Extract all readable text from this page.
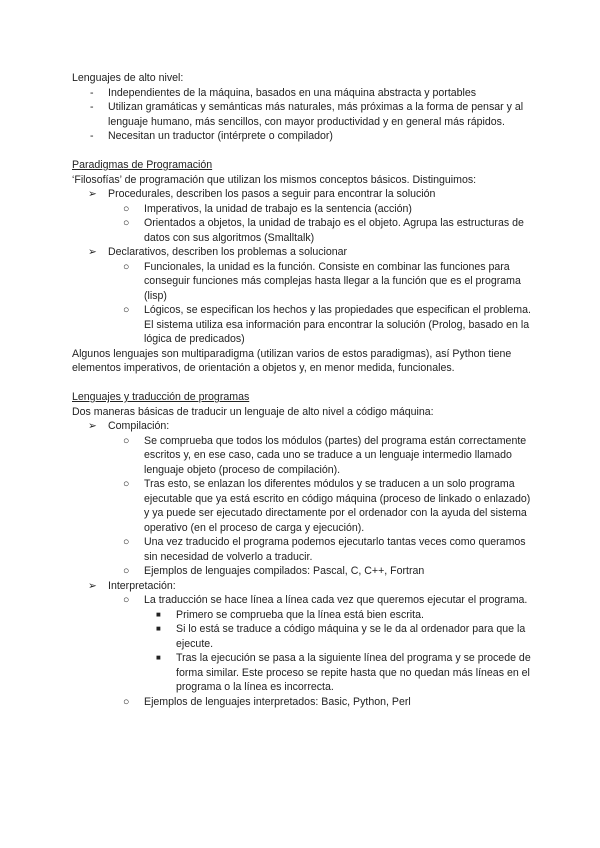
Lenguajes de alto nivel:

- Independientes de la máquina, basados en una máquina abstracta y portables
- Utilizan gramáticas y semánticas más naturales, más próximas a la forma de pensar y al lenguaje humano, más sencillos, con mayor productividad y en general más rápidos.
- Necesitan un traductor (intérprete o compilador)

Paradigmas de Programación

‘Filosofías’ de programación que utilizan los mismos conceptos básicos. Distinguimos:

➢ Procedurales, describen los pasos a seguir para encontrar la solución
○ Imperativos, la unidad de trabajo es la sentencia (acción)
○ Orientados a objetos, la unidad de trabajo es el objeto. Agrupa las estructuras de datos con sus algoritmos (Smalltalk)
➢ Declarativos, describen los problemas a solucionar
○ Funcionales, la unidad es la función. Consiste en combinar las funciones para conseguir funciones más complejas hasta llegar a la función que es el programa (lisp)
○ Lógicos, se especifican los hechos y las propiedades que especifican el problema. El sistema utiliza esa información para encontrar la solución (Prolog, basado en la lógica de predicados)

Algunos lenguajes son multiparadigma (utilizan varios de estos paradigmas), así Python tiene elementos imperativos, de orientación a objetos y, en menor medida, funcionales.

Lenguajes y traducción de programas

Dos maneras básicas de traducir un lenguaje de alto nivel a código máquina:

➢ Compilación:
○ Se comprueba que todos los módulos (partes) del programa están correctamente escritos y, en ese caso, cada uno se traduce a un lenguaje intermedio llamado lenguaje objeto (proceso de compilación).
○ Tras esto, se enlazan los diferentes módulos y se traducen a un solo programa ejecutable que ya está escrito en código máquina (proceso de linkado o enlazado) y ya puede ser ejecutado directamente por el ordenador con la ayuda del sistema operativo (en el proceso de carga y ejecución).
○ Una vez traducido el programa podemos ejecutarlo tantas veces como queramos sin necesidad de volverlo a traducir.
○ Ejemplos de lenguajes compilados: Pascal, C, C++, Fortran
➢ Interpretación:
○ La traducción se hace línea a línea cada vez que queremos ejecutar el programa.
■ Primero se comprueba que la línea está bien escrita.
■ Si lo está se traduce a código máquina y se le da al ordenador para que la ejecute.
■ Tras la ejecución se pasa a la siguiente línea del programa y se procede de forma similar. Este proceso se repite hasta que no quedan más líneas en el programa o la línea es incorrecta.
○ Ejemplos de lenguajes interpretados: Basic, Python, Perl
